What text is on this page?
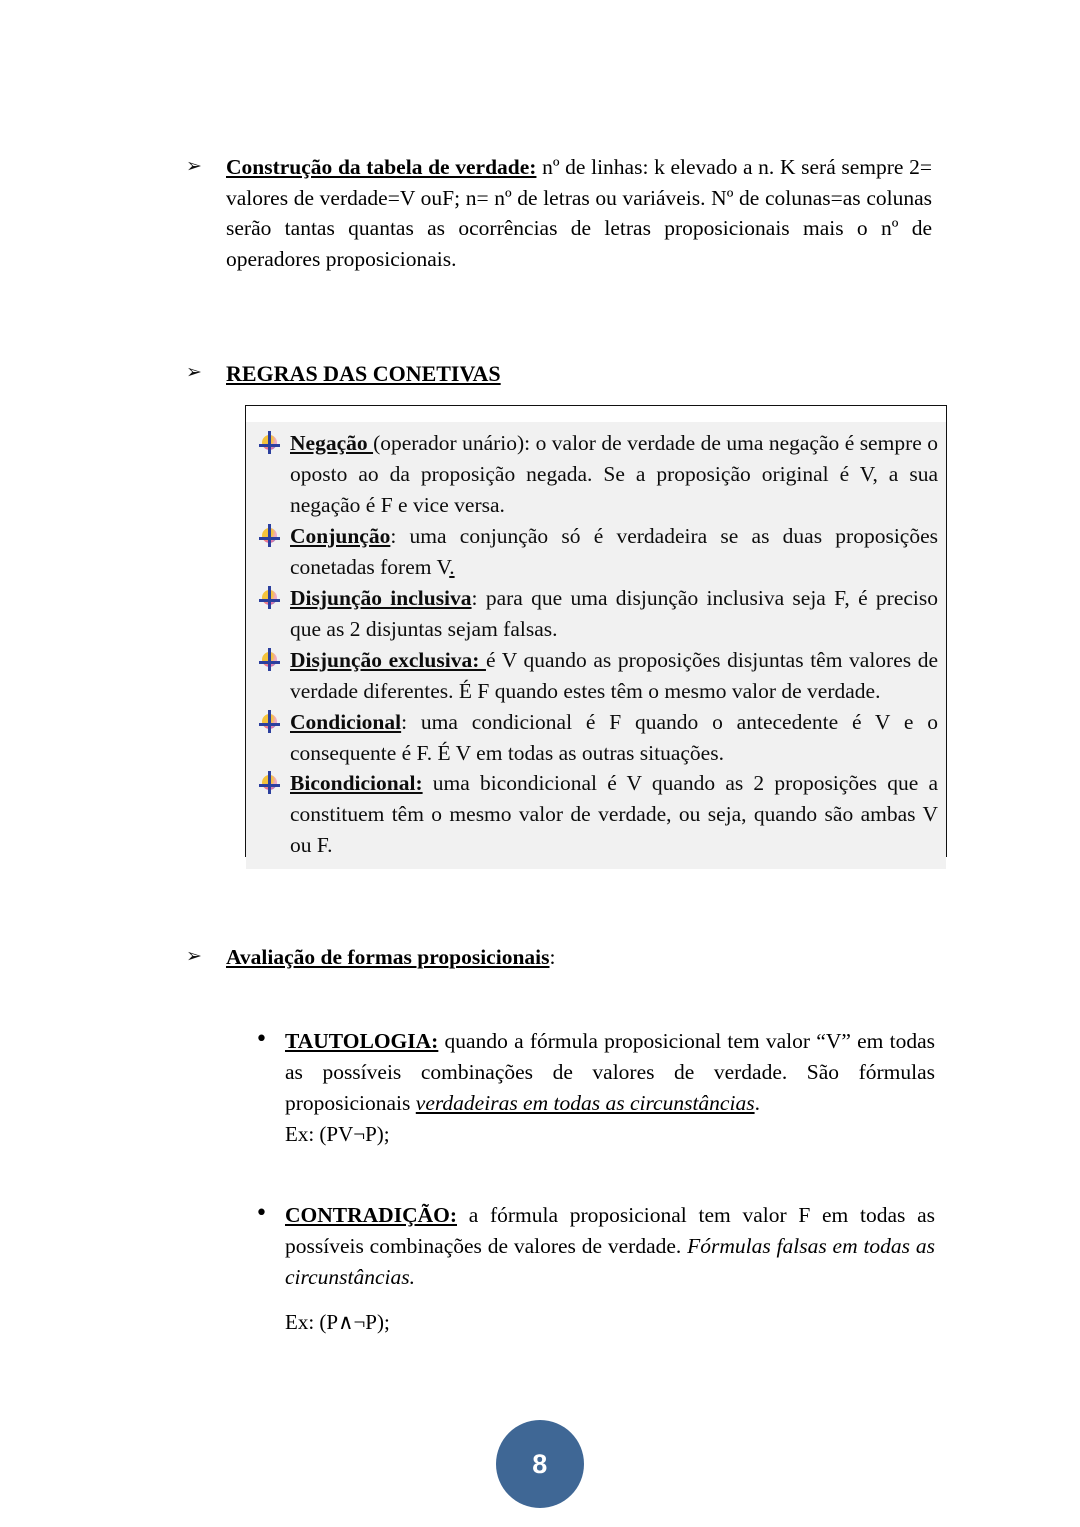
➢	Construção da tabela de verdade: nº de linhas: k elevado a n. K será sempre 2= valores de verdade=V ouF; n= nº de letras ou variáveis. Nº de colunas=as colunas serão tantas quantas as ocorrências de letras proposicionais mais o nº de operadores proposicionais.
➢	REGRAS DAS CONETIVAS
Negação (operador unário): o valor de verdade de uma negação é sempre o oposto ao da proposição negada. Se a proposição original é V, a sua negação é F e vice versa.
Conjunção: uma conjunção só é verdadeira se as duas proposições conetadas forem V.
Disjunção inclusiva: para que uma disjunção inclusiva seja F, é preciso que as 2 disjuntas sejam falsas.
Disjunção exclusiva: é V quando as proposições disjuntas têm valores de verdade diferentes. É F quando estes têm o mesmo valor de verdade.
Condicional: uma condicional é F quando o antecedente é V e o consequente é F. É V em todas as outras situações.
Bicondicional: uma bicondicional é V quando as 2 proposições que a constituem têm o mesmo valor de verdade, ou seja, quando são ambas V ou F.
➢	Avaliação de formas proposicionais:
• TAUTOLOGIA: quando a fórmula proposicional tem valor “V” em todas as possíveis combinações de valores de verdade. São fórmulas proposicionais verdadeiras em todas as circunstâncias.
Ex: (PV¬P);
• CONTRADIÇÃO: a fórmula proposicional tem valor F em todas as possíveis combinações de valores de verdade. Fórmulas falsas em todas as circunstâncias.
Ex: (P∧¬P);
8
